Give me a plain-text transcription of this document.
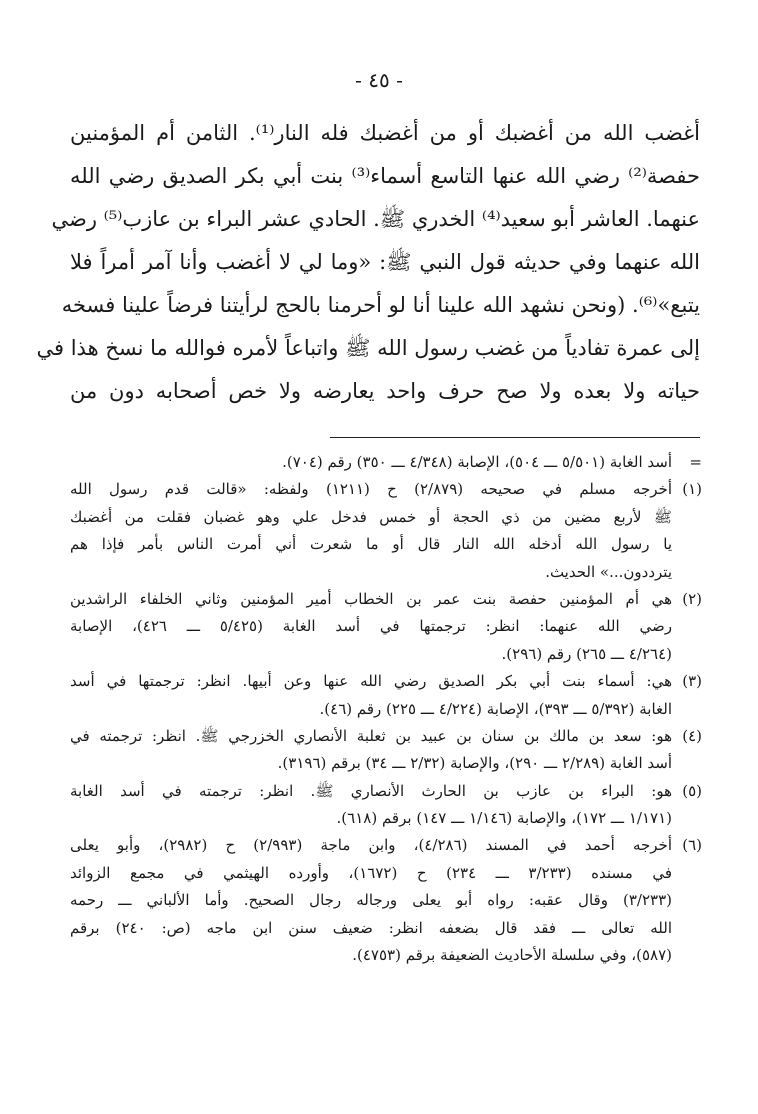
- ٤٥ -
أغضب الله من أغضبك أو من أغضبك فله النار⁽¹⁾. الثامن أم المؤمنين
حفصة⁽²⁾ رضي الله عنها التاسع أسماء⁽³⁾ بنت أبي بكر الصديق رضي الله
عنهما. العاشر أبو سعيد⁽⁴⁾ الخدري ﷺ. الحادي عشر البراء بن عازب⁽⁵⁾ رضي
الله عنهما وفي حديثه قول النبي ﷺ: «وما لي لا أغضب وأنا آمر أمراً فلا
يتبع»⁽⁶⁾. (ونحن نشهد الله علينا أنا لو أحرمنا بالحج لرأيتنا فرضاً علينا فسخه
إلى عمرة تفادياً من غضب رسول الله ﷺ واتباعاً لأمره فوالله ما نسخ هذا في
حياته ولا بعده ولا صح حرف واحد يعارضه ولا خص أصحابه دون من
=أسد الغابة (٥/٥٠١ ـــ ٥٠٤)، الإصابة (٤/٣٤٨ ـــ ٣٥٠) رقم (٧٠٤).
(١)أخرجه مسلم في صحيحه (٢/٨٧٩) ح (١٢١١) ولفظه: «قالت قدم رسول الله
ﷺ لأربع مضين من ذي الحجة أو خمس فدخل علي وهو غضبان فقلت من أغضبك
يا رسول الله أدخله الله النار قال أو ما شعرت أني أمرت الناس بأمر فإذا هم
يترددون...» الحديث.
(٢)هي أم المؤمنين حفصة بنت عمر بن الخطاب أمير المؤمنين وثاني الخلفاء الراشدين
رضي الله عنهما: انظر: ترجمتها في أسد الغابة (٥/٤٢٥ ـــ ٤٢٦)، الإصابة
(٤/٢٦٤ ـــ ٢٦٥) رقم (٢٩٦).
(٣)هي: أسماء بنت أبي بكر الصديق رضي الله عنها وعن أبيها. انظر: ترجمتها في أسد
الغابة (٥/٣٩٢ ـــ ٣٩٣)، الإصابة (٤/٢٢٤ ـــ ٢٢٥) رقم (٤٦).
(٤)هو: سعد بن مالك بن سنان بن عبيد بن ثعلبة الأنصاري الخزرجي ﷺ. انظر: ترجمته في
أسد الغابة (٢/٢٨٩ ـــ ٢٩٠)، والإصابة (٢/٣٢ ـــ ٣٤) برقم (٣١٩٦).
(٥)هو: البراء بن عازب بن الحارث الأنصاري ﷺ. انظر: ترجمته في أسد الغابة
(١/١٧١ ـــ ١٧٢)، والإصابة (١/١٤٦ ـــ ١٤٧) برقم (٦١٨).
(٦)أخرجه أحمد في المسند (٤/٢٨٦)، وابن ماجة (٢/٩٩٣) ح (٢٩٨٢)، وأبو يعلى
في مسنده (٣/٢٣٣ ـــ ٢٣٤) ح (١٦٧٢)، وأورده الهيثمي في مجمع الزوائد
(٣/٢٣٣) وقال عقبه: رواه أبو يعلى ورجاله رجال الصحيح. وأما الألباني ـــ رحمه
الله تعالى ـــ فقد قال بضعفه انظر: ضعيف سنن ابن ماجه (ص: ٢٤٠) برقم
(٥٨٧)، وفي سلسلة الأحاديث الضعيفة برقم (٤٧٥٣).
